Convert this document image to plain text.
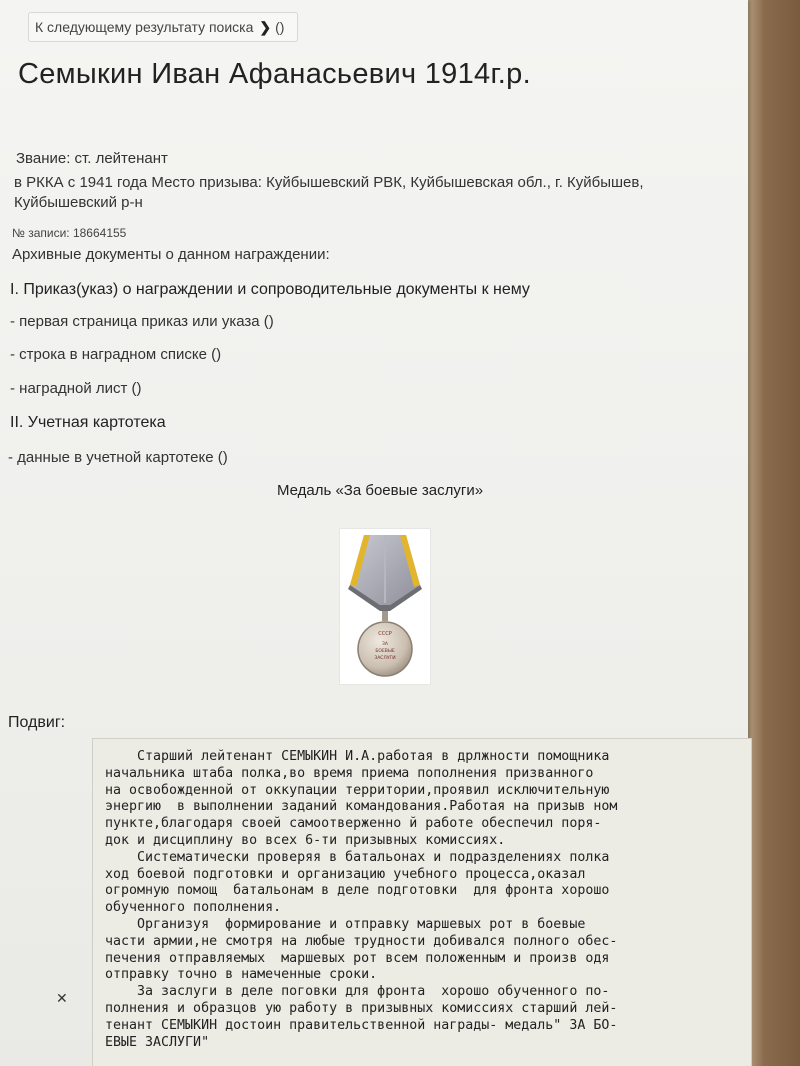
К следующему результату поиска ❯ ()
Семыкин Иван Афанасьевич 1914г.р.
Звание: ст. лейтенант
в РККА с 1941 года Место призыва: Куйбышевский РВК, Куйбышевская обл., г. Куйбышев,
Куйбышевский р-н
№ записи: 18664155
Архивные документы о данном награждении:
I. Приказ(указ) о награждении и сопроводительные документы к нему
- первая страница приказ или указа ()
- строка в наградном списке ()
- наградной лист ()
II. Учетная картотека
- данные в учетной картотеке ()
Медаль «За боевые заслуги»
СССР
ЗА
БОЕВЫЕ
ЗАСЛУГИ
Подвиг:

Старший лейтенант СЕМЫКИН И.А.работая в дрлжности помощника

начальника штаба полка,во время приема пополнения призванного

на освобожденной от оккупации территории,проявил исключительную

энергию  в выполнении заданий командования.Работая на призыв ном

пункте,благодаря своей самоотверженно й работе обеспечил поря-

док и дисциплину во всех 6-ти призывных комиссиях.

Систематически проверяя в батальонах и подразделениях полка

ход боевой подготовки и организацию учебного процесса,оказал

огромную помощ  батальонам в деле подготовки  для фронта хорошо

обученного пополнения.

Организуя  формирование и отправку маршевых рот в боевые

части армии,не смотря на любые трудности добивался полного обес-

печения отправляемых  маршевых рот всем положенным и произв одя

отправку точно в намеченные сроки.

За заслуги в деле поговки для фронта  хорошо обученного по-

полнения и образцов ую работу в призывных комиссиях старший лей-

тенант СЕМЫКИН достоин правительственной награды- медаль" ЗА БО-

ЕВЫЕ ЗАСЛУГИ"

✕
